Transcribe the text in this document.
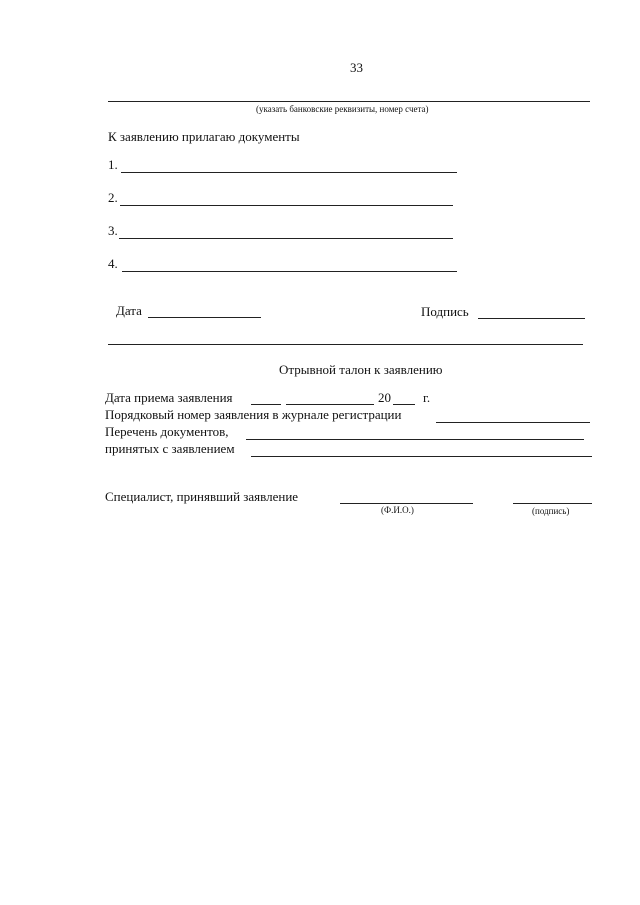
33
(указать банковские реквизиты, номер счета)
К заявлению прилагаю документы
1.
2.
3.
4.
Дата	Подпись
Отрывной талон к заявлению
Дата приема заявления	20 г.
Порядковый номер заявления в журнале регистрации
Перечень документов,
принятых с заявлением
Специалист, принявший заявление
(Ф.И.О.)	(подпись)
